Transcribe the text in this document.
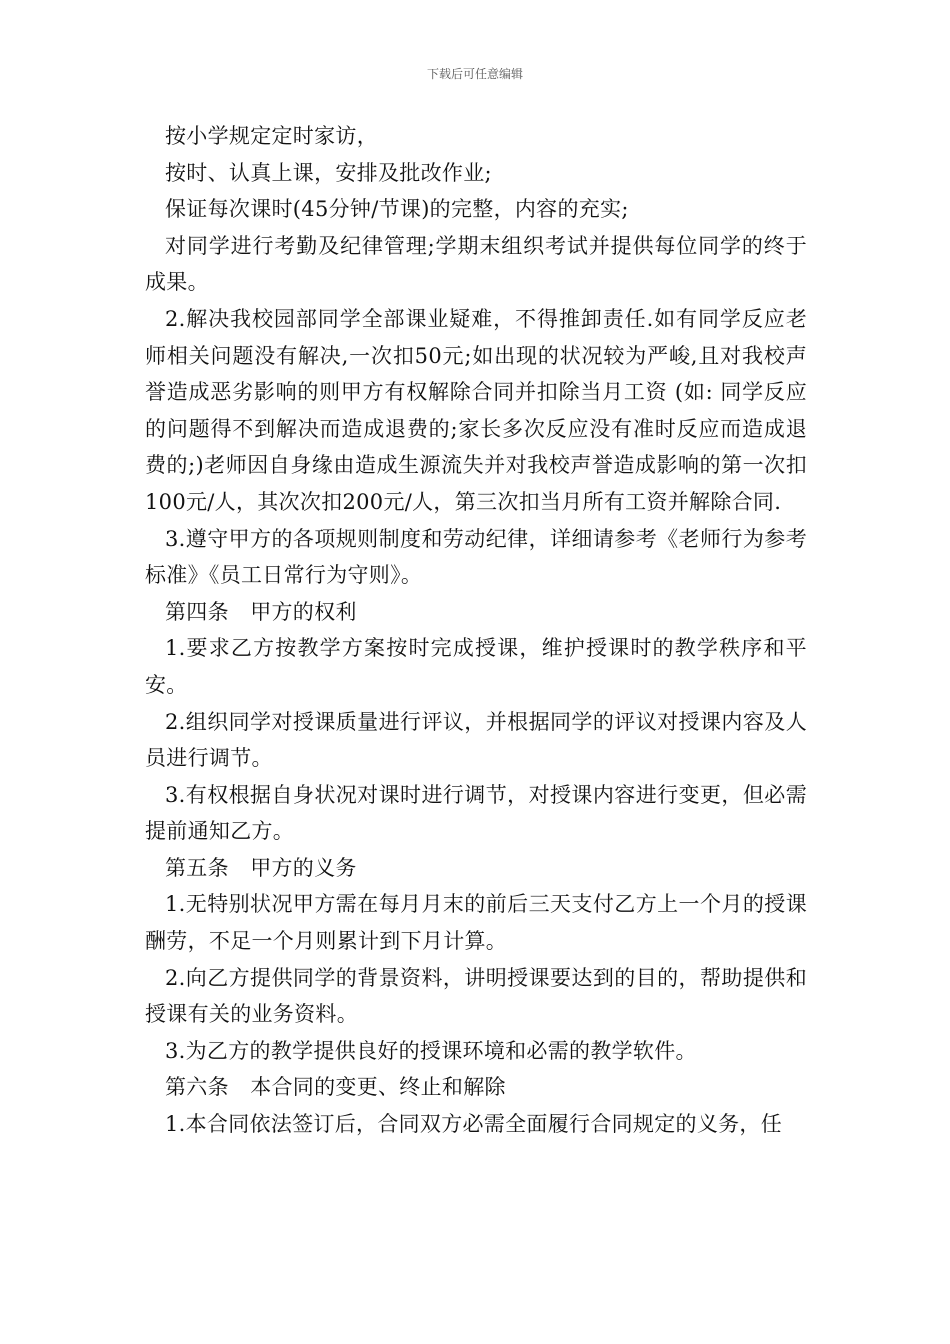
下载后可任意编辑

按小学规定定时家访，

按时、认真上课，安排及批改作业;

保证每次课时(45分钟/节课)的完整，内容的充实;

对同学进行考勤及纪律管理;学期末组织考试并提供每位同学的终于成果。

2.解决我校园部同学全部课业疑难，不得推卸责任.如有同学反应老师相关问题没有解决,一次扣50元;如出现的状况较为严峻,且对我校声誉造成恶劣影响的则甲方有权解除合同并扣除当月工资 (如: 同学反应的问题得不到解决而造成退费的;家长多次反应没有准时反应而造成退费的;)老师因自身缘由造成生源流失并对我校声誉造成影响的第一次扣100元/人，其次次扣200元/人，第三次扣当月所有工资并解除合同.

3.遵守甲方的各项规则制度和劳动纪律，详细请参考《老师行为参考标准》《员工日常行为守则》。

第四条　甲方的权利

1.要求乙方按教学方案按时完成授课，维护授课时的教学秩序和平安。

2.组织同学对授课质量进行评议，并根据同学的评议对授课内容及人员进行调节。

3.有权根据自身状况对课时进行调节，对授课内容进行变更，但必需提前通知乙方。

第五条　甲方的义务

1.无特别状况甲方需在每月月末的前后三天支付乙方上一个月的授课酬劳，不足一个月则累计到下月计算。

2.向乙方提供同学的背景资料，讲明授课要达到的目的，帮助提供和授课有关的业务资料。

3.为乙方的教学提供良好的授课环境和必需的教学软件。

第六条　本合同的变更、终止和解除

1.本合同依法签订后，合同双方必需全面履行合同规定的义务，任
